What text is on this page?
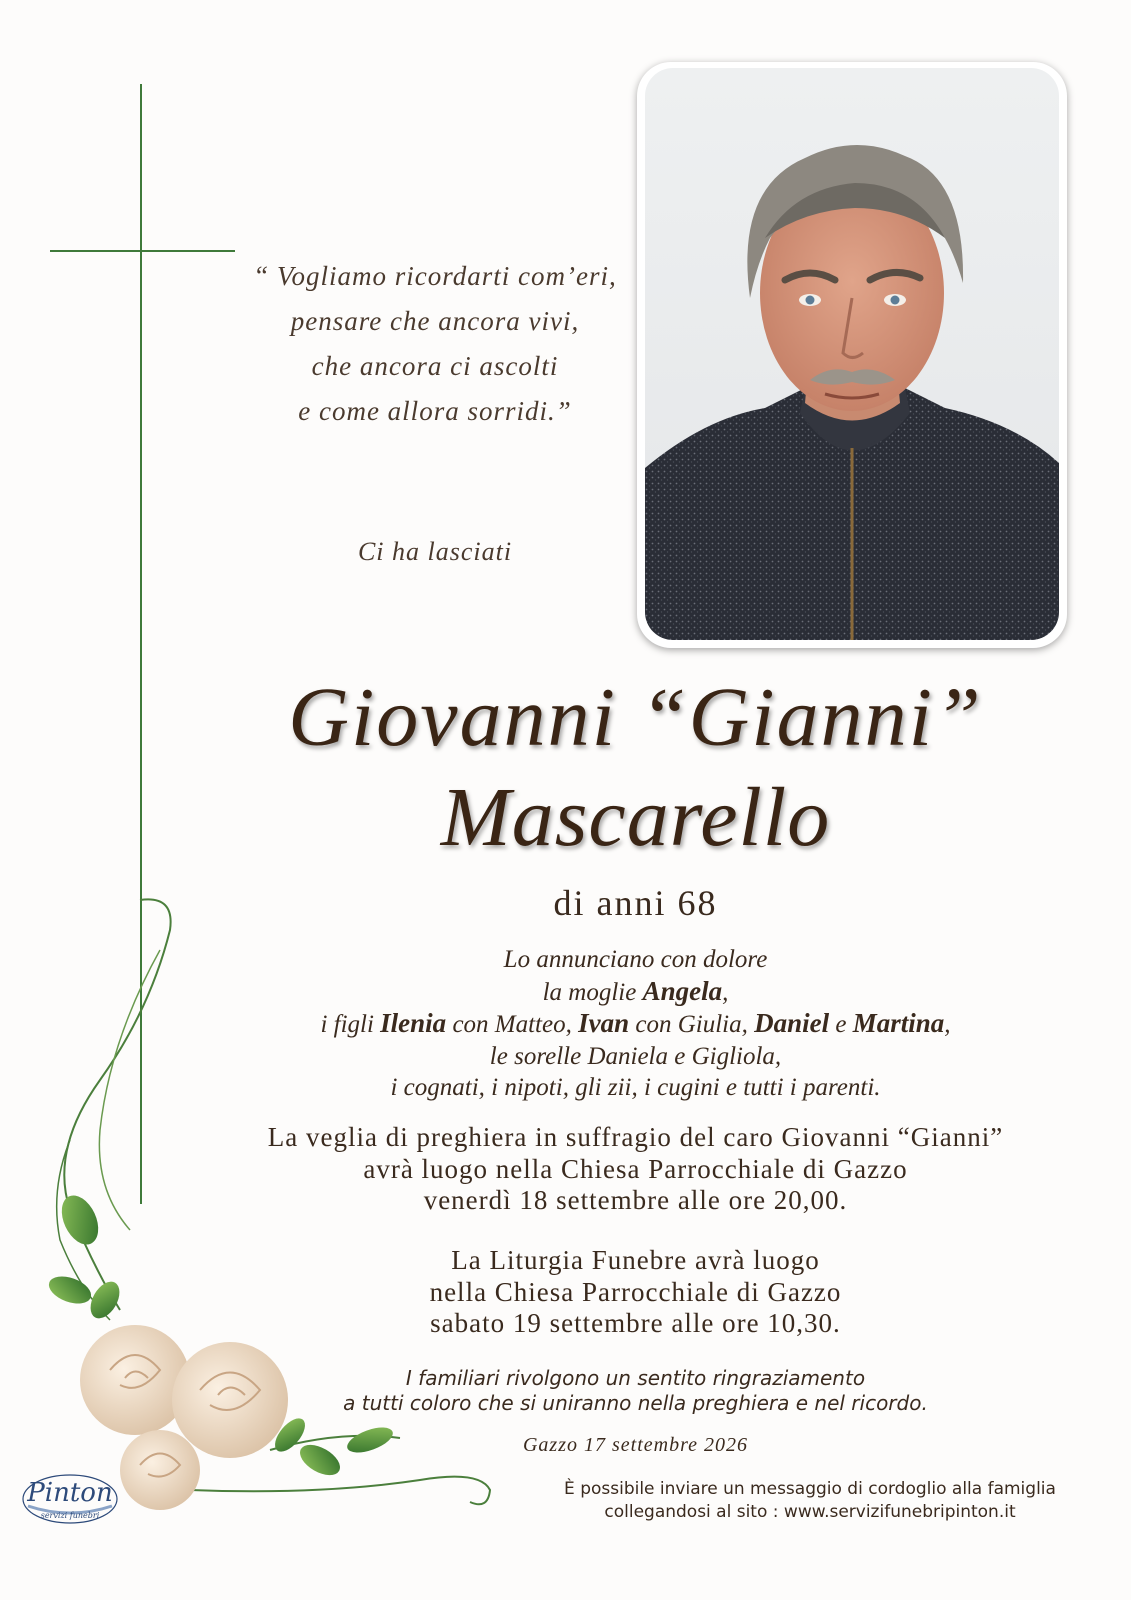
“ Vogliamo ricordarti com’eri,
pensare che ancora vivi,
che ancora ci ascolti
e come allora sorridi.”
Ci ha lasciati
Giovanni “Gianni”
Mascarello
di anni 68
Lo annunciano con dolore
la moglie Angela,
i figli Ilenia con Matteo, Ivan con Giulia, Daniel e Martina,
le sorelle Daniela e Gigliola,
i cognati, i nipoti, gli zii, i cugini e tutti i parenti.
La veglia di preghiera in suffragio del caro Giovanni “Gianni”
avrà luogo nella Chiesa Parrocchiale di Gazzo
venerdì 18 settembre alle ore 20,00.
La Liturgia Funebre avrà luogo
nella Chiesa Parrocchiale di Gazzo
sabato 19 settembre alle ore 10,30.
I familiari rivolgono un sentito ringraziamento
a tutti coloro che si uniranno nella preghiera e nel ricordo.
Gazzo 17 settembre 2026
Pinton
servizi funebri
È possibile inviare un messaggio di cordoglio alla famiglia
collegandosi al sito : www.servizifunebripinton.it
